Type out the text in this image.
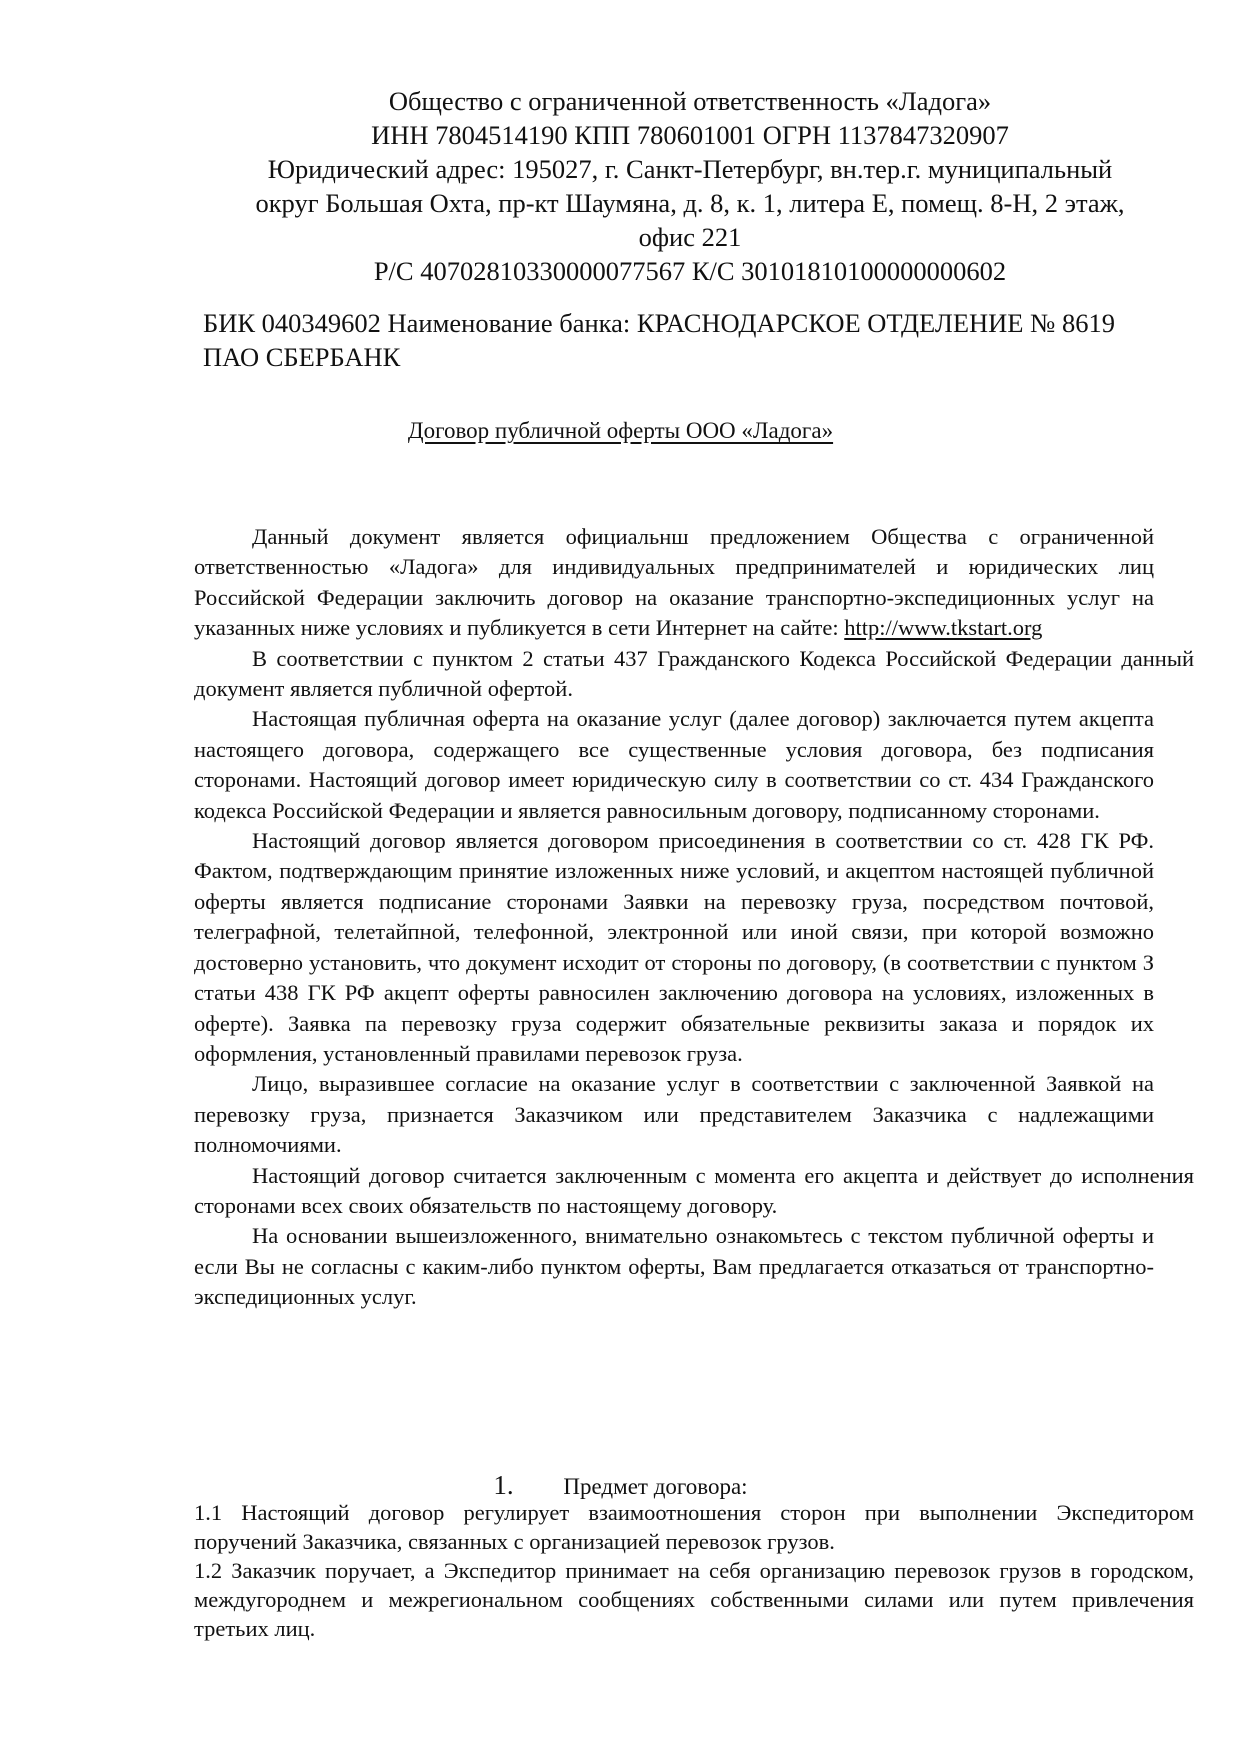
Общество с ограниченной ответственность «Ладога»
ИНН 7804514190 КПП 780601001 ОГРН 1137847320907
Юридический адрес: 195027, г. Санкт-Петербург, вн.тер.г. муниципальный
округ Большая Охта, пр-кт Шаумяна, д. 8, к. 1, литера Е, помещ. 8-Н, 2 этаж,
офис 221
Р/С 40702810330000077567 К/С 30101810100000000602
БИК 040349602 Наименование банка: КРАСНОДАРСКОЕ ОТДЕЛЕНИЕ № 8619 ПАО СБЕРБАНК
Договор публичной оферты ООО «Ладога»

Данный документ является официальнш предложением Общества с ограниченной ответственностью «Ладога» для индивидуальных предпринимателей и юридических лиц Российской Федерации заключить договор на оказание транспортно-экспедиционных услуг на указанных ниже условиях и публикуется в сети Интернет на сайте: http://www.tkstart.org

В соответствии с пунктом 2 статьи 437 Гражданского Кодекса Российской Федерации данный документ является публичной офертой.

Настоящая публичная оферта на оказание услуг (далее договор) заключается путем акцепта настоящего договора, содержащего все существенные условия договора, без подписания сторонами. Настоящий договор имеет юридическую силу в соответствии со ст. 434 Гражданского кодекса Российской Федерации и является равносильным договору, подписанному сторонами.

Настоящий договор является договором присоединения в соответствии со ст. 428 ГК РФ. Фактом, подтверждающим принятие изложенных ниже условий, и акцептом настоящей публичной оферты является подписание сторонами Заявки на перевозку груза, посредством почтовой, телеграфной, телетайпной, телефонной, электронной или иной связи, при которой возможно достоверно установить, что документ исходит от стороны по договору, (в соответствии с пунктом З статьи 438 ГК РФ акцепт оферты равносилен заключению договора на условиях, изложенных в оферте). Заявка па перевозку груза содержит обязательные реквизиты заказа и порядок их оформления, установленный правилами перевозок груза.

Лицо, выразившее согласие на оказание услуг в соответствии с заключенной Заявкой на перевозку груза, признается Заказчиком или представителем Заказчика с надлежащими полномочиями.

Настоящий договор считается заключенным с момента его акцепта и действует до исполнения сторонами всех своих обязательств по настоящему договору.

На основании вышеизложенного, внимательно ознакомьтесь с текстом публичной оферты и если Вы не согласны с каким-либо пунктом оферты, Вам предлагается отказаться от транспортно-экспедиционных услуг.

1. Предмет договора:

1.1 Настоящий договор регулирует взаимоотношения сторон при выполнении Экспедитором поручений Заказчика, связанных с организацией перевозок грузов.

1.2 Заказчик поручает, а Экспедитор принимает на себя организацию перевозок грузов в городском, междугороднем и межрегиональном сообщениях собственными силами или путем привлечения третьих лиц.
